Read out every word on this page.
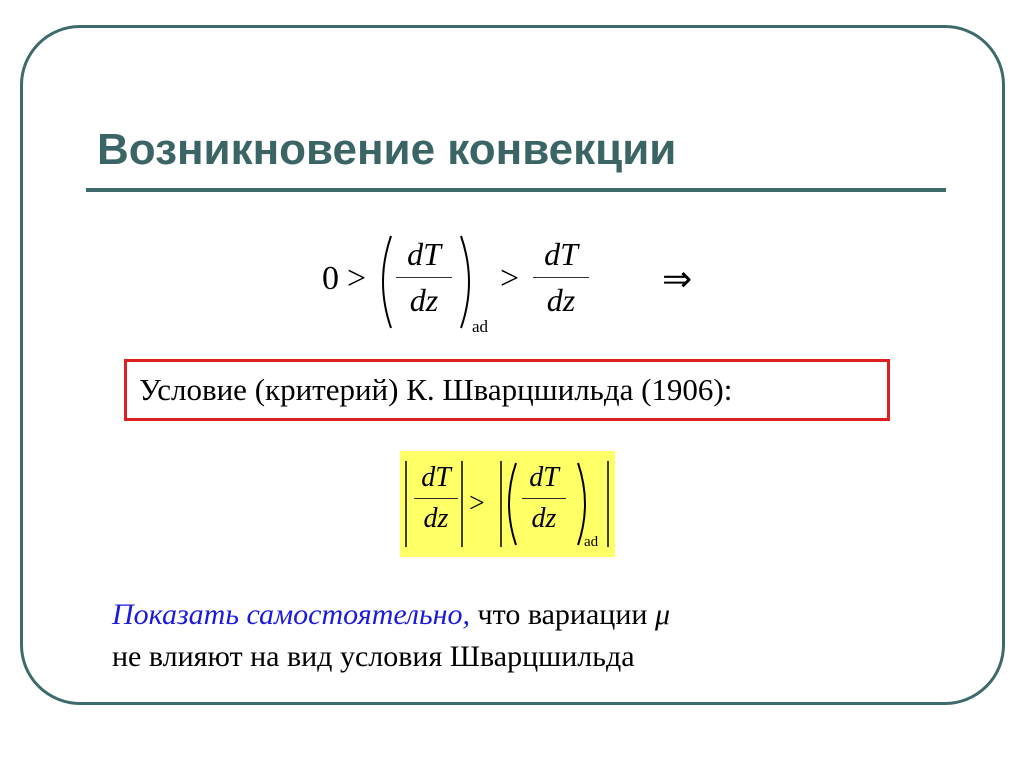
Возникновение конвекции
0 >
dT
dz
ad
>
dT
dz
⇒
Условие (критерий) К. Шварцшильда (1906):
dT
dz >
dT
dz
ad
Показать самостоятельно, что вариации μ
не влияют на вид условия Шварцшильда
